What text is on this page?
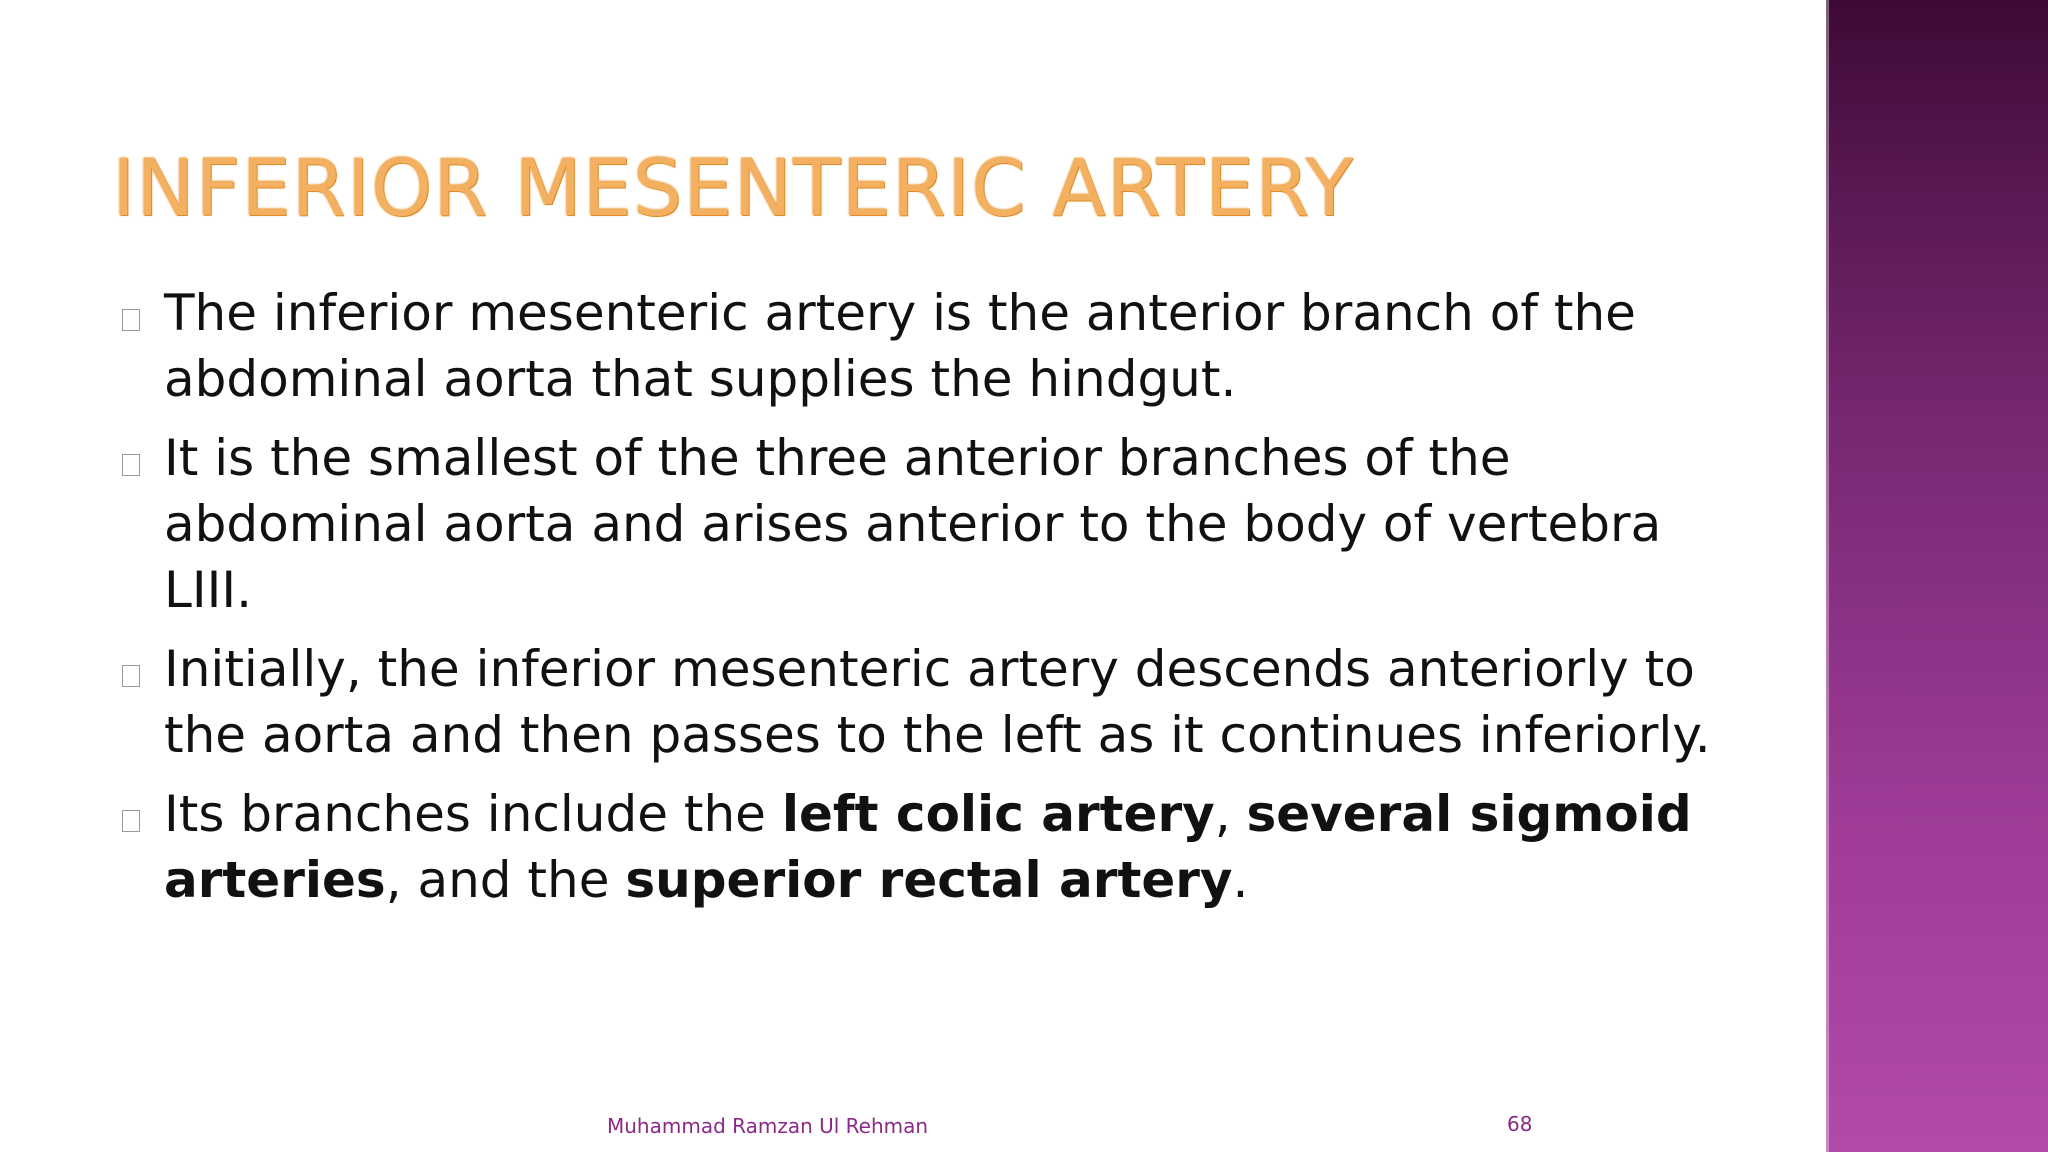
INFERIOR MESENTERIC ARTERY
The inferior mesenteric artery is the anterior branch of the abdominal aorta that supplies the hindgut.
It is the smallest of the three anterior branches of the abdominal aorta and arises anterior to the body of vertebra LIII.
Initially, the inferior mesenteric artery descends anteriorly to the aorta and then passes to the left as it continues inferiorly.
Its branches include the left colic artery, several sigmoid arteries, and the superior rectal artery.
Muhammad Ramzan Ul Rehman	68
